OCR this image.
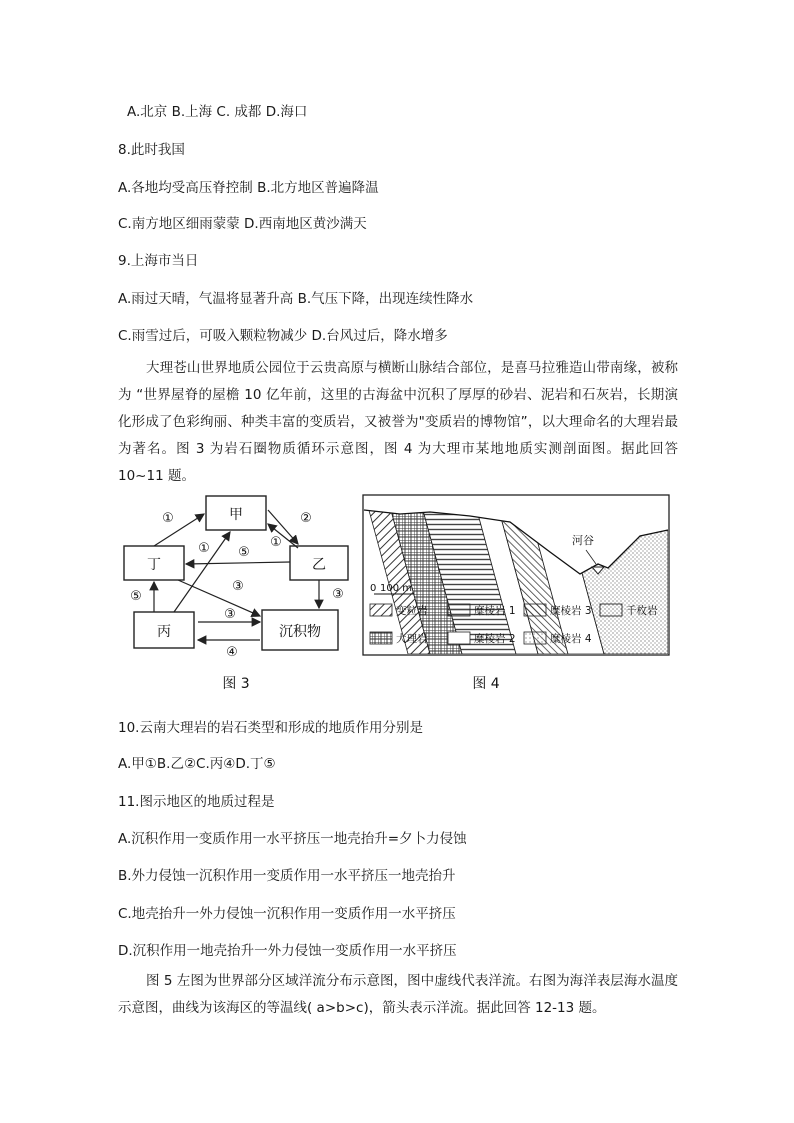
A.北京 B.上海 C. 成都 D.海口
8.此时我国
A.各地均受高压脊控制 B.北方地区普遍降温
C.南方地区细雨蒙蒙 D.西南地区黄沙满天
9.上海市当日
A.雨过天晴，气温将显著升高 B.气压下降，出现连续性降水
C.雨雪过后，可吸入颗粒物减少 D.台风过后，降水增多
大理苍山世界地质公园位于云贵高原与横断山脉结合部位，是喜马拉雅造山带南缘，被称为 “世界屋脊的屋檐 10 亿年前，这里的古海盆中沉积了厚厚的砂岩、泥岩和石灰岩，长期演化形成了色彩绚丽、种类丰富的变质岩，又被誉为"变质岩的博物馆”，以大理命名的大理岩最为著名。图 3 为岩石圈物质循环示意图，图 4 为大理市某地地质实测剖面图。据此回答 10~11 题。
甲
乙
丁
丙	沉积物
①	②
①
① ⑤
③
③
⑤
③
④
图 3
河谷
0 100 m
变粒岩	糜棱岩 1	糜棱岩 3	千枚岩
大理岩	糜棱岩 2	糜棱岩 4
图 4
10.云南大理岩的岩石类型和形成的地质作用分别是
A.甲①B.乙②C.丙④D.丁⑤
11.图示地区的地质过程是
A.沉积作用一变质作用一水平挤压一地壳抬升=夕卜力侵蚀
B.外力侵蚀一沉积作用一变质作用一水平挤压一地壳抬升
C.地壳抬升一外力侵蚀一沉积作用一变质作用一水平挤压
D.沉积作用一地壳抬升一外力侵蚀一变质作用一水平挤压
图 5 左图为世界部分区域洋流分布示意图，图中虚线代表洋流。右图为海洋表层海水温度示意图，曲线为该海区的等温线( a>b>c)，箭头表示洋流。据此回答 12-13 题。
